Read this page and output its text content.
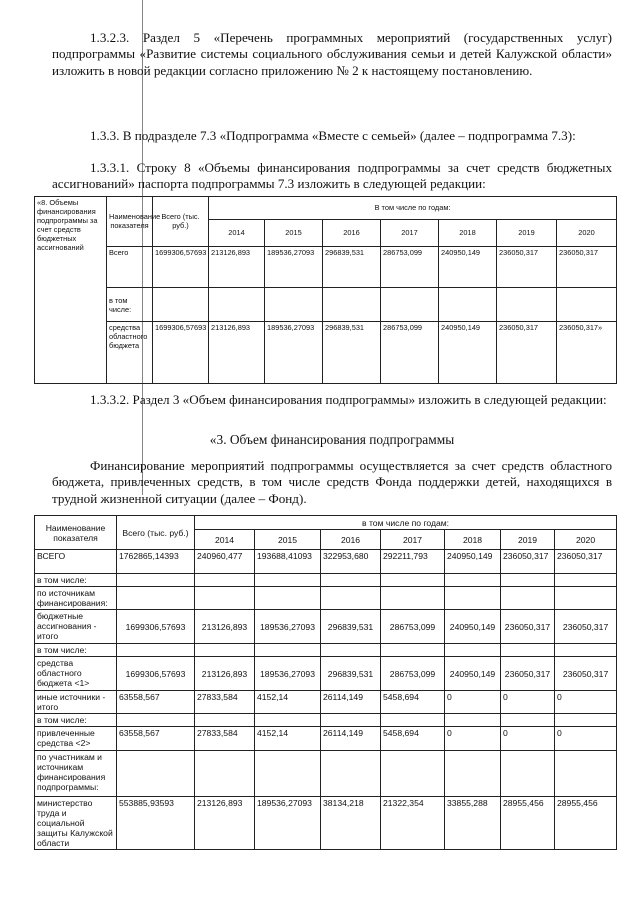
1.3.2.3. Раздел 5 «Перечень программных мероприятий (государственных услуг) подпрограммы «Развитие системы социального обслуживания семьи и детей Калужской области» изложить в новой редакции согласно приложению № 2 к настоящему постановлению.
1.3.3. В подразделе 7.3 «Подпрограмма «Вместе с семьей» (далее – подпрограмма 7.3):
1.3.3.1. Строку 8 «Объемы финансирования подпрограммы за счет средств бюджетных ассигнований» паспорта подпрограммы 7.3 изложить в следующей редакции:
«8. Объемы финансирования подпрограммы за счет средств бюджетных ассигнований	Наименование показателя	Всего (тыс. руб.)	В том числе по годам:						
			2014	2015	2016	2017	2018	2019	2020
	Всего	1699306,57693	213126,893	189536,27093	296839,531	286753,099	240950,149	236050,317	236050,317
	в том числе:								
	средства областного бюджета	1699306,57693	213126,893	189536,27093	296839,531	286753,099	240950,149	236050,317	236050,317»
1.3.3.2. Раздел 3 «Объем финансирования подпрограммы» изложить в следующей редакции:
«3. Объем финансирования подпрограммы
Финансирование мероприятий подпрограммы осуществляется за счет средств областного бюджета, привлеченных средств, в том числе средств Фонда поддержки детей, находящихся в трудной жизненной ситуации (далее – Фонд).
Наименование показателя	Всего (тыс. руб.)	в том числе по годам:						
		2014	2015	2016	2017	2018	2019	2020
ВСЕГО	1762865,14393	240960,477	193688,41093	322953,680	292211,793	240950,149	236050,317	236050,317
в том числе:								
по источникам финансирования:								
бюджетные ассигнования - итого	1699306,57693	213126,893	189536,27093	296839,531	286753,099	240950,149	236050,317	236050,317
в том числе:								
средства областного бюджета <1>	1699306,57693	213126,893	189536,27093	296839,531	286753,099	240950,149	236050,317	236050,317
иные источники - итого	63558,567	27833,584	4152,14	26114,149	5458,694	0	0	0
в том числе:								
привлеченные средства <2>	63558,567	27833,584	4152,14	26114,149	5458,694	0	0	0
по участникам и источникам финансирования подпрограммы:								
министерство труда и социальной защиты Калужской области	553885,93593	213126,893	189536,27093	38134,218	21322,354	33855,288	28955,456	28955,456
